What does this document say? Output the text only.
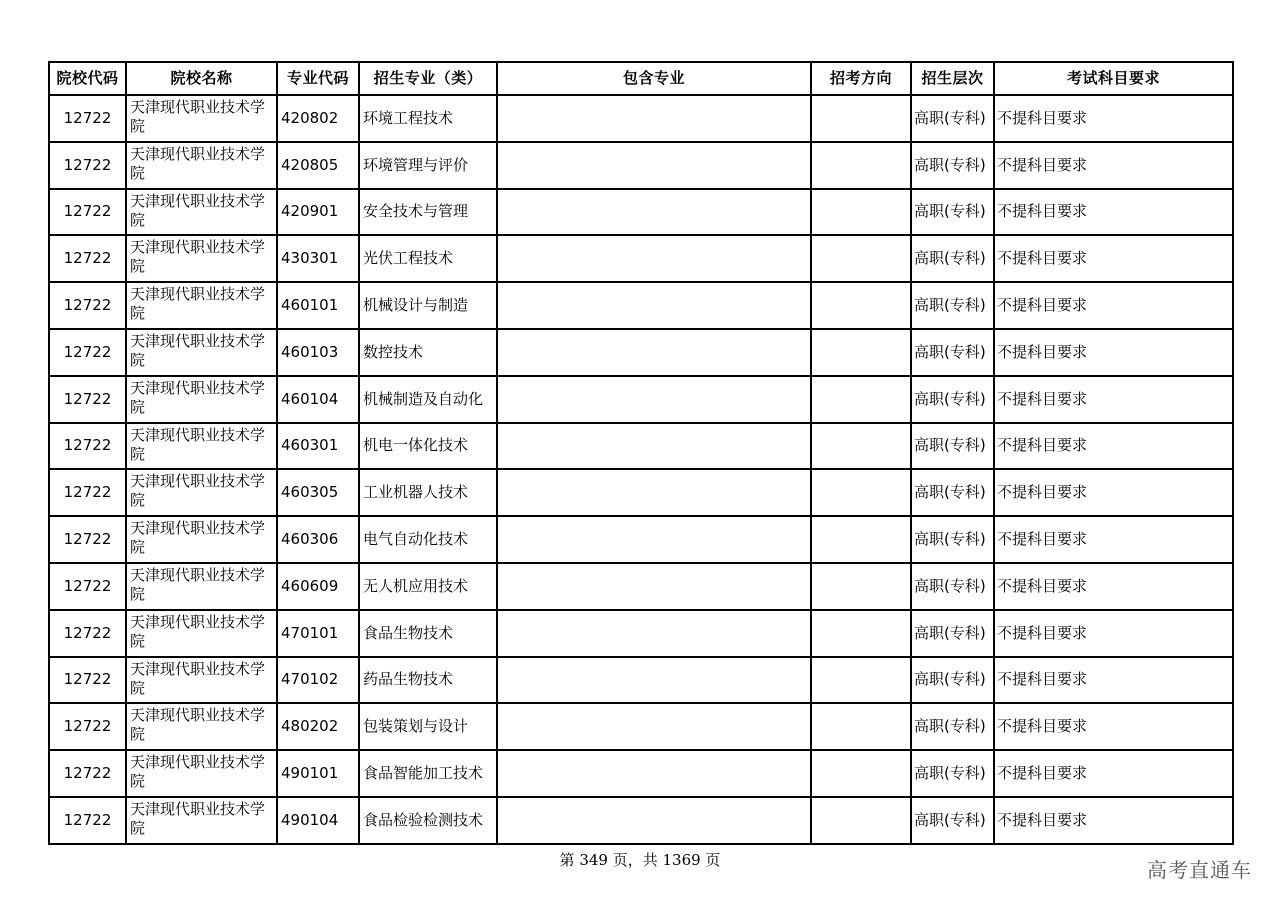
院校代码	院校名称	专业代码	招生专业（类）	包含专业	招考方向	招生层次	考试科目要求
12722	天津现代职业技术学院	420802	环境工程技术			高职(专科)	不提科目要求
12722	天津现代职业技术学院	420805	环境管理与评价			高职(专科)	不提科目要求
12722	天津现代职业技术学院	420901	安全技术与管理			高职(专科)	不提科目要求
12722	天津现代职业技术学院	430301	光伏工程技术			高职(专科)	不提科目要求
12722	天津现代职业技术学院	460101	机械设计与制造			高职(专科)	不提科目要求
12722	天津现代职业技术学院	460103	数控技术			高职(专科)	不提科目要求
12722	天津现代职业技术学院	460104	机械制造及自动化			高职(专科)	不提科目要求
12722	天津现代职业技术学院	460301	机电一体化技术			高职(专科)	不提科目要求
12722	天津现代职业技术学院	460305	工业机器人技术			高职(专科)	不提科目要求
12722	天津现代职业技术学院	460306	电气自动化技术			高职(专科)	不提科目要求
12722	天津现代职业技术学院	460609	无人机应用技术			高职(专科)	不提科目要求
12722	天津现代职业技术学院	470101	食品生物技术			高职(专科)	不提科目要求
12722	天津现代职业技术学院	470102	药品生物技术			高职(专科)	不提科目要求
12722	天津现代职业技术学院	480202	包装策划与设计			高职(专科)	不提科目要求
12722	天津现代职业技术学院	490101	食品智能加工技术			高职(专科)	不提科目要求
12722	天津现代职业技术学院	490104	食品检验检测技术			高职(专科)	不提科目要求
第 349 页，共 1369 页	高考直通车
